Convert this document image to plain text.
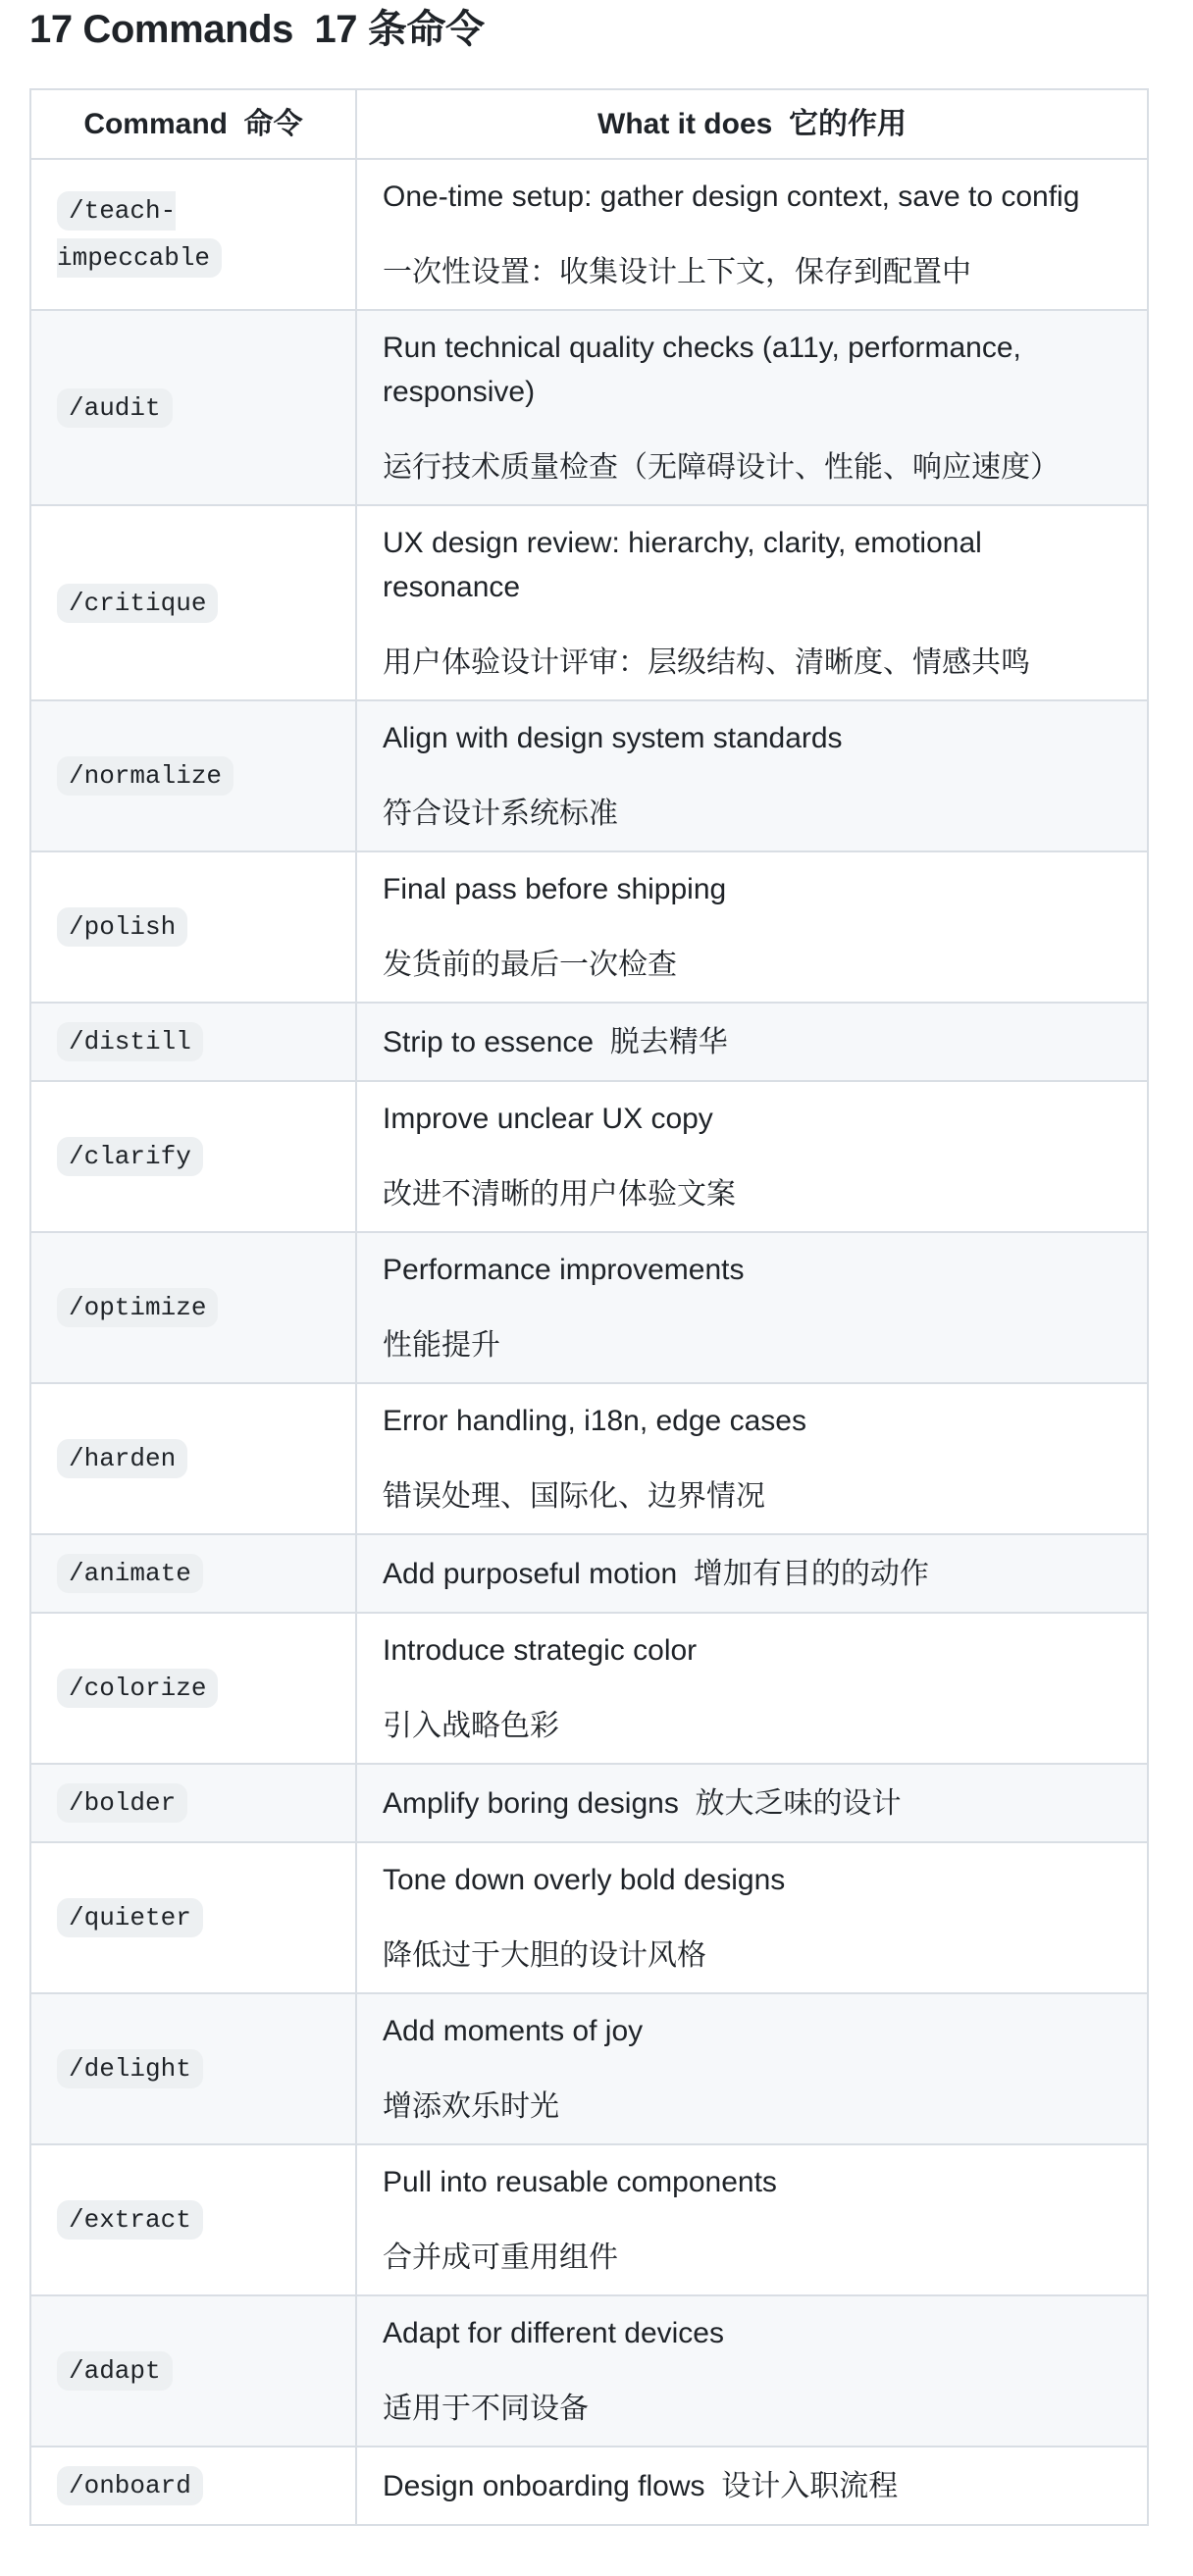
17 Commands  17 条命令
Command  命令	What it does  它的作用
/teach-impeccable	One-time setup: gather design context, save to config

一次性设置：收集设计上下文，保存到配置中

/audit	Run technical quality checks (a11y, performance, responsive)

运行技术质量检查（无障碍设计、性能、响应速度）

/critique	UX design review: hierarchy, clarity, emotional resonance

用户体验设计评审：层级结构、清晰度、情感共鸣

/normalize	Align with design system standards

符合设计系统标准

/polish	Final pass before shipping

发货前的最后一次检查

/distill	Strip to essence  脱去精华

/clarify	Improve unclear UX copy

改进不清晰的用户体验文案

/optimize	Performance improvements

性能提升

/harden	Error handling, i18n, edge cases

错误处理、国际化、边界情况

/animate	Add purposeful motion  增加有目的的动作

/colorize	Introduce strategic color

引入战略色彩

/bolder	Amplify boring designs  放大乏味的设计

/quieter	Tone down overly bold designs

降低过于大胆的设计风格

/delight	Add moments of joy

增添欢乐时光

/extract	Pull into reusable components

合并成可重用组件

/adapt	Adapt for different devices

适用于不同设备

/onboard	Design onboarding flows  设计入职流程
